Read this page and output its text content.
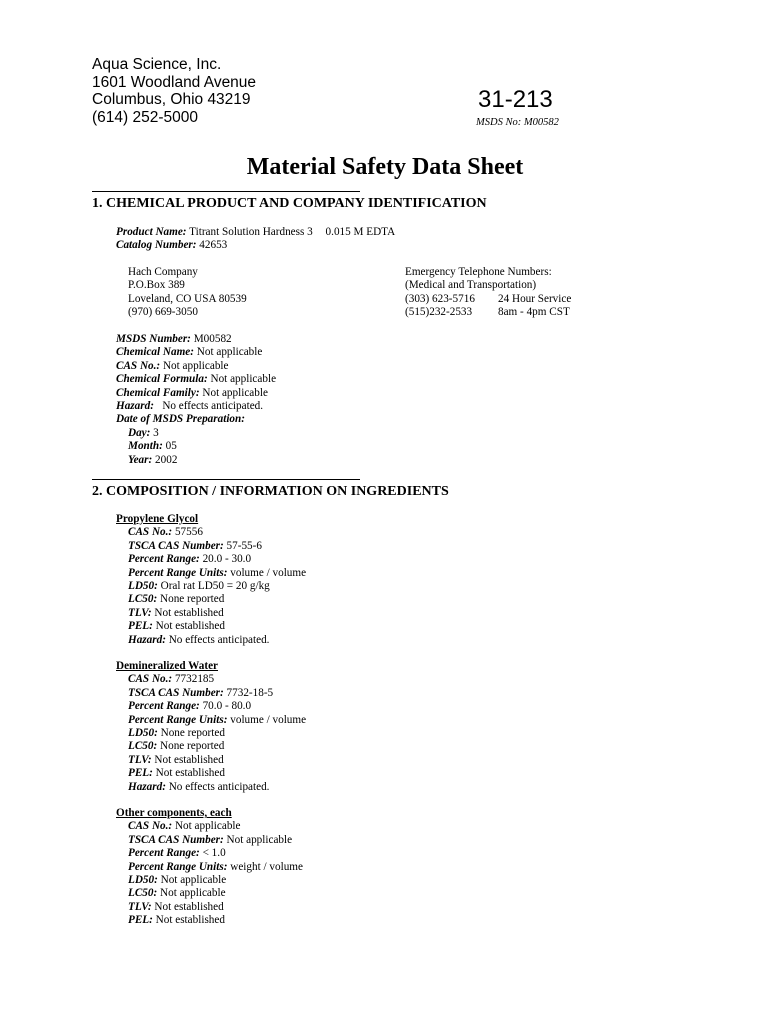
Aqua Science, Inc.
1601 Woodland Avenue
Columbus, Ohio 43219
(614) 252-5000
31-213
MSDS No: M00582
Material Safety Data Sheet
1. CHEMICAL PRODUCT AND COMPANY IDENTIFICATION
Product Name: Titrant Solution Hardness 3 0.015 M EDTA
Catalog Number: 42653
Hach Company
P.O.Box 389
Loveland, CO USA 80539
(970) 669-3050
Emergency Telephone Numbers:
(Medical and Transportation)
(303) 623-5716 24 Hour Service
(515)232-2533 8am - 4pm CST
MSDS Number: M00582
Chemical Name: Not applicable
CAS No.: Not applicable
Chemical Formula: Not applicable
Chemical Family: Not applicable
Hazard:   No effects anticipated.
Date of MSDS Preparation:
Day: 3
Month: 05
Year: 2002
2. COMPOSITION / INFORMATION ON INGREDIENTS
Propylene Glycol
CAS No.: 57556
TSCA CAS Number: 57-55-6
Percent Range: 20.0 - 30.0
Percent Range Units: volume / volume
LD50: Oral rat LD50 = 20 g/kg
LC50: None reported
TLV: Not established
PEL: Not established
Hazard: No effects anticipated.
Demineralized Water
CAS No.: 7732185
TSCA CAS Number: 7732-18-5
Percent Range: 70.0 - 80.0
Percent Range Units: volume / volume
LD50: None reported
LC50: None reported
TLV: Not established
PEL: Not established
Hazard: No effects anticipated.
Other components, each
CAS No.: Not applicable
TSCA CAS Number: Not applicable
Percent Range: < 1.0
Percent Range Units: weight / volume
LD50: Not applicable
LC50: Not applicable
TLV: Not established
PEL: Not established
